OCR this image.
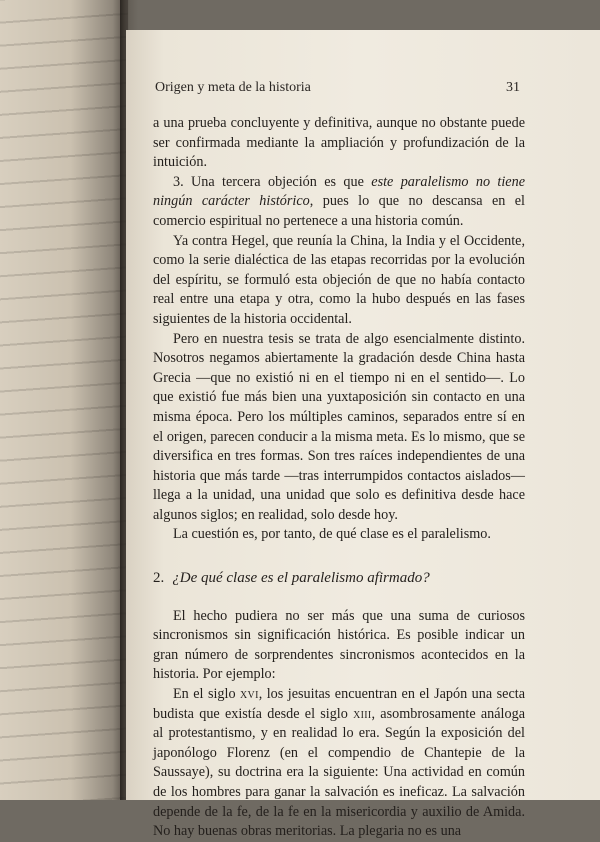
Origen y meta de la historia	31

a una prueba concluyente y definitiva, aunque no obstante puede ser confirmada mediante la ampliación y profundización de la intuición.

3. Una tercera objeción es que este paralelismo no tiene ningún carácter histórico, pues lo que no descansa en el comercio espiritual no pertenece a una historia común.

Ya contra Hegel, que reunía la China, la India y el Occidente, como la serie dialéctica de las etapas recorridas por la evolución del espíritu, se formuló esta objeción de que no había contacto real entre una etapa y otra, como la hubo después en las fases siguientes de la historia occidental.

Pero en nuestra tesis se trata de algo esencialmente distinto. Nosotros negamos abiertamente la gradación desde China hasta Grecia —que no existió ni en el tiempo ni en el sentido—. Lo que existió fue más bien una yuxtaposición sin contacto en una misma época. Pero los múltiples caminos, separados entre sí en el origen, parecen conducir a la misma meta. Es lo mismo, que se diversifica en tres formas. Son tres raíces independientes de una historia que más tarde —tras interrumpidos contactos aislados— llega a la unidad, una unidad que solo es definitiva desde hace algunos siglos; en realidad, solo desde hoy.

La cuestión es, por tanto, de qué clase es el paralelismo.

2. ¿De qué clase es el paralelismo afirmado?

El hecho pudiera no ser más que una suma de curiosos sincronismos sin significación histórica. Es posible indicar un gran número de sorprendentes sincronismos acontecidos en la historia. Por ejemplo:

En el siglo xvi, los jesuitas encuentran en el Japón una secta budista que existía desde el siglo xiii, asombrosamente análoga al protestantismo, y en realidad lo era. Según la exposición del japonólogo Florenz (en el compendio de Chantepie de la Saussaye), su doctrina era la siguiente: Una actividad en común de los hombres para ganar la salvación es ineficaz. La salvación depende de la fe, de la fe en la misericordia y auxilio de Amida. No hay buenas obras meritorias. La plegaria no es una
